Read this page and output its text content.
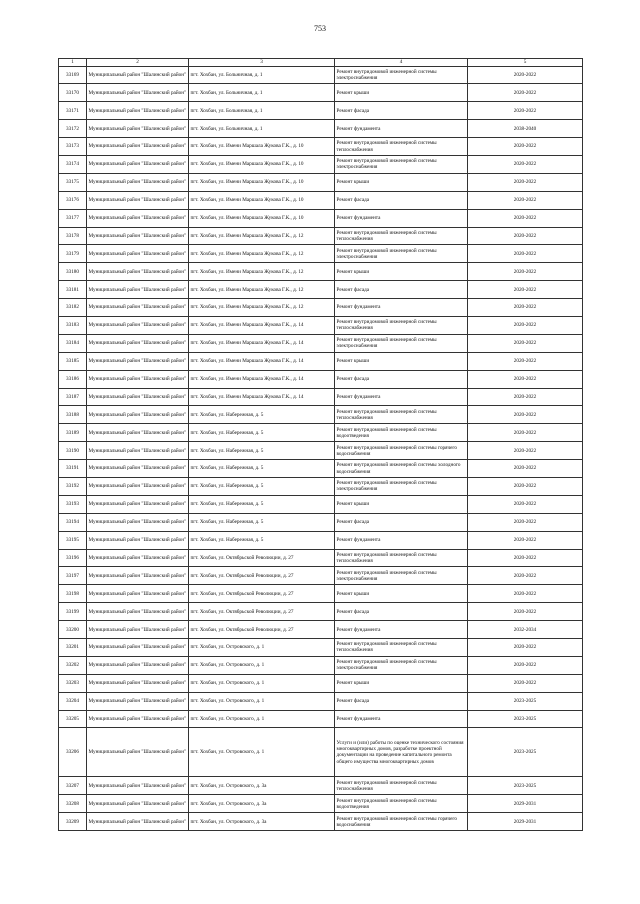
753
1	2	3	4	5
33169	Муниципальный район "Шалинский район"	пгт. Хохбан, ул. Больничная, д. 1	Ремонт внутридомовой инженерной системы электроснабжения	2020-2022
33170	Муниципальный район "Шалинский район"	пгт. Хохбан, ул. Больничная, д. 1	Ремонт крыши	2020-2022
33171	Муниципальный район "Шалинский район"	пгт. Хохбан, ул. Больничная, д. 1	Ремонт фасада	2020-2022
33172	Муниципальный район "Шалинский район"	пгт. Хохбан, ул. Больничная, д. 1	Ремонт фундамента	2038-2040
33173	Муниципальный район "Шалинский район"	пгт. Хохбан, ул. Имени Маршала Жукова Г.К., д. 10	Ремонт внутридомовой инженерной системы теплоснабжения	2020-2022
33174	Муниципальный район "Шалинский район"	пгт. Хохбан, ул. Имени Маршала Жукова Г.К., д. 10	Ремонт внутридомовой инженерной системы электроснабжения	2020-2022
33175	Муниципальный район "Шалинский район"	пгт. Хохбан, ул. Имени Маршала Жукова Г.К., д. 10	Ремонт крыши	2020-2022
33176	Муниципальный район "Шалинский район"	пгт. Хохбан, ул. Имени Маршала Жукова Г.К., д. 10	Ремонт фасада	2020-2022
33177	Муниципальный район "Шалинский район"	пгт. Хохбан, ул. Имени Маршала Жукова Г.К., д. 10	Ремонт фундамента	2020-2022
33178	Муниципальный район "Шалинский район"	пгт. Хохбан, ул. Имени Маршала Жукова Г.К., д. 12	Ремонт внутридомовой инженерной системы теплоснабжения	2020-2022
33179	Муниципальный район "Шалинский район"	пгт. Хохбан, ул. Имени Маршала Жукова Г.К., д. 12	Ремонт внутридомовой инженерной системы электроснабжения	2020-2022
33180	Муниципальный район "Шалинский район"	пгт. Хохбан, ул. Имени Маршала Жукова Г.К., д. 12	Ремонт крыши	2020-2022
33181	Муниципальный район "Шалинский район"	пгт. Хохбан, ул. Имени Маршала Жукова Г.К., д. 12	Ремонт фасада	2020-2022
33182	Муниципальный район "Шалинский район"	пгт. Хохбан, ул. Имени Маршала Жукова Г.К., д. 12	Ремонт фундамента	2020-2022
33183	Муниципальный район "Шалинский район"	пгт. Хохбан, ул. Имени Маршала Жукова Г.К., д. 14	Ремонт внутридомовой инженерной системы теплоснабжения	2020-2022
33184	Муниципальный район "Шалинский район"	пгт. Хохбан, ул. Имени Маршала Жукова Г.К., д. 14	Ремонт внутридомовой инженерной системы электроснабжения	2020-2022
33185	Муниципальный район "Шалинский район"	пгт. Хохбан, ул. Имени Маршала Жукова Г.К., д. 14	Ремонт крыши	2020-2022
33186	Муниципальный район "Шалинский район"	пгт. Хохбан, ул. Имени Маршала Жукова Г.К., д. 14	Ремонт фасада	2020-2022
33187	Муниципальный район "Шалинский район"	пгт. Хохбан, ул. Имени Маршала Жукова Г.К., д. 14	Ремонт фундамента	2020-2022
33188	Муниципальный район "Шалинский район"	пгт. Хохбан, ул. Набережная, д. 5	Ремонт внутридомовой инженерной системы теплоснабжения	2020-2022
33189	Муниципальный район "Шалинский район"	пгт. Хохбан, ул. Набережная, д. 5	Ремонт внутридомовой инженерной системы водоотведения	2020-2022
33190	Муниципальный район "Шалинский район"	пгт. Хохбан, ул. Набережная, д. 5	Ремонт внутридомовой инженерной системы горячего водоснабжения	2020-2022
33191	Муниципальный район "Шалинский район"	пгт. Хохбан, ул. Набережная, д. 5	Ремонт внутридомовой инженерной системы холодного водоснабжения	2020-2022
33192	Муниципальный район "Шалинский район"	пгт. Хохбан, ул. Набережная, д. 5	Ремонт внутридомовой инженерной системы электроснабжения	2020-2022
33193	Муниципальный район "Шалинский район"	пгт. Хохбан, ул. Набережная, д. 5	Ремонт крыши	2020-2022
33194	Муниципальный район "Шалинский район"	пгт. Хохбан, ул. Набережная, д. 5	Ремонт фасада	2020-2022
33195	Муниципальный район "Шалинский район"	пгт. Хохбан, ул. Набережная, д. 5	Ремонт фундамента	2020-2022
33196	Муниципальный район "Шалинский район"	пгт. Хохбан, ул. Октябрьской Революции, д. 27	Ремонт внутридомовой инженерной системы теплоснабжения	2020-2022
33197	Муниципальный район "Шалинский район"	пгт. Хохбан, ул. Октябрьской Революции, д. 27	Ремонт внутридомовой инженерной системы электроснабжения	2020-2022
33198	Муниципальный район "Шалинский район"	пгт. Хохбан, ул. Октябрьской Революции, д. 27	Ремонт крыши	2020-2022
33199	Муниципальный район "Шалинский район"	пгт. Хохбан, ул. Октябрьской Революции, д. 27	Ремонт фасада	2020-2022
33200	Муниципальный район "Шалинский район"	пгт. Хохбан, ул. Октябрьской Революции, д. 27	Ремонт фундамента	2032-2034
33201	Муниципальный район "Шалинский район"	пгт. Хохбан, ул. Островского, д. 1	Ремонт внутридомовой инженерной системы теплоснабжения	2020-2022
33202	Муниципальный район "Шалинский район"	пгт. Хохбан, ул. Островского, д. 1	Ремонт внутридомовой инженерной системы электроснабжения	2020-2022
33203	Муниципальный район "Шалинский район"	пгт. Хохбан, ул. Островского, д. 1	Ремонт крыши	2020-2022
33204	Муниципальный район "Шалинский район"	пгт. Хохбан, ул. Островского, д. 1	Ремонт фасада	2023-2025
33205	Муниципальный район "Шалинский район"	пгт. Хохбан, ул. Островского, д. 1	Ремонт фундамента	2023-2025
33206	Муниципальный район "Шалинский район"	пгт. Хохбан, ул. Островского, д. 1	Услуги и (или) работы по оценке технического состояния многоквартирных домов, разработке проектной документации на проведение капитального ремонта общего имущества многоквартирных домов	2023-2025
33207	Муниципальный район "Шалинский район"	пгт. Хохбан, ул. Островского, д. 3а	Ремонт внутридомовой инженерной системы теплоснабжения	2023-2025
33208	Муниципальный район "Шалинский район"	пгт. Хохбан, ул. Островского, д. 3а	Ремонт внутридомовой инженерной системы водоотведения	2029-2031
33209	Муниципальный район "Шалинский район"	пгт. Хохбан, ул. Островского, д. 3а	Ремонт внутридомовой инженерной системы горячего водоснабжения	2029-2031
